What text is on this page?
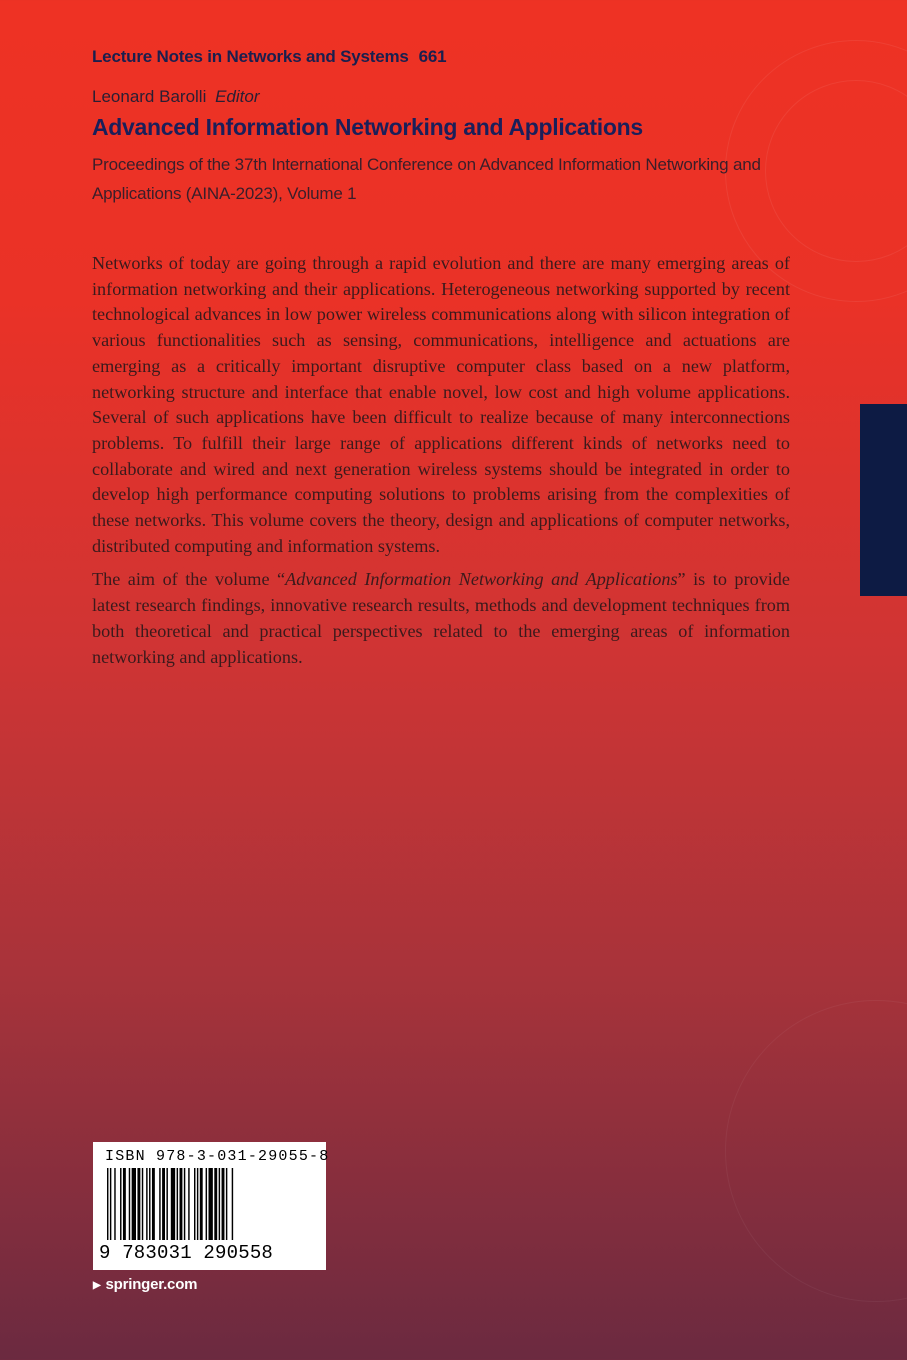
Lecture Notes in Networks and Systems 661
Leonard Barolli Editor
Advanced Information Networking and Applications
Proceedings of the 37th International Conference on Advanced Information Networking and Applications (AINA-2023), Volume 1

Networks of today are going through a rapid evolution and there are many emerging areas of information networking and their applications. Heterogeneous networking supported by recent technological advances in low power wireless communications along with silicon integration of various functionalities such as sensing, communications, intelligence and actuations are emerging as a critically important disruptive computer class based on a new platform, networking structure and interface that enable novel, low cost and high volume applications. Several of such applications have been difficult to realize because of many interconnections problems. To fulfill their large range of applications different kinds of networks need to collaborate and wired and next generation wireless systems should be integrated in order to develop high performance computing solutions to problems arising from the complexities of these networks. This volume covers the theory, design and applications of computer networks, distributed computing and information systems.

The aim of the volume “Advanced Information Networking and Applications” is to provide latest research findings, innovative research results, methods and development techniques from both theoretical and practical perspectives related to the emerging areas of information networking and applications.

ISBN 978-3-031-29055-8
9 783031 290558
▶ springer.com
